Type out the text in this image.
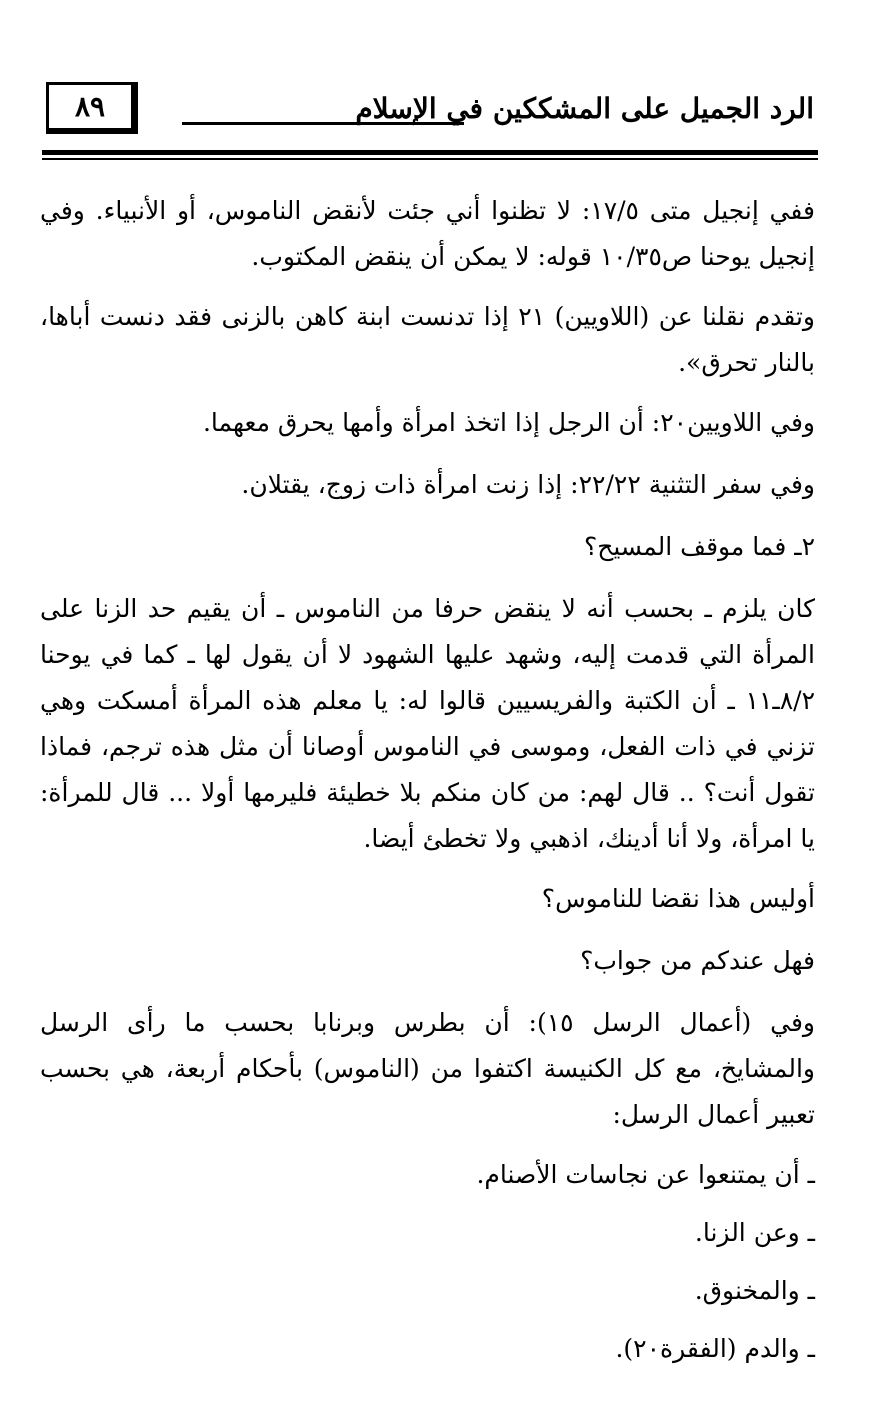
٨٩	الرد الجميل على المشككين في الإسلام

ففي إنجيل متى ١٧/٥: لا تظنوا أني جئت لأنقض الناموس، أو الأنبياء. وفي إنجيل يوحنا ص١٠/٣٥ قوله: لا يمكن أن ينقض المكتوب.

وتقدم نقلنا عن (اللاويين) ٢١ إذا تدنست ابنة كاهن بالزنى فقد دنست أباها، بالنار تحرق».

وفي اللاويين٢٠: أن الرجل إذا اتخذ امرأة وأمها يحرق معهما.

وفي سفر التثنية ٢٢/٢٢: إذا زنت امرأة ذات زوج، يقتلان.

٢ـ فما موقف المسيح؟

كان يلزم ـ بحسب أنه لا ينقض حرفا من الناموس ـ أن يقيم حد الزنا على المرأة التي قدمت إليه، وشهد عليها الشهود لا أن يقول لها ـ كما في يوحنا ٨/٢ـ١١ ـ أن الكتبة والفريسيين قالوا له: يا معلم هذه المرأة أمسكت وهي تزني في ذات الفعل، وموسى في الناموس أوصانا أن مثل هذه ترجم، فماذا تقول أنت؟ .. قال لهم: من كان منكم بلا خطيئة فليرمها أولا ... قال للمرأة: يا امرأة، ولا أنا أدينك، اذهبي ولا تخطئ أيضا.

أوليس هذا نقضا للناموس؟

فهل عندكم من جواب؟

وفي (أعمال الرسل ١٥): أن بطرس وبرنابا بحسب ما رأى الرسل والمشايخ، مع كل الكنيسة اكتفوا من (الناموس) بأحكام أربعة، هي بحسب تعبير أعمال الرسل:

ـ أن يمتنعوا عن نجاسات الأصنام.

ـ وعن الزنا.

ـ والمخنوق.

ـ والدم (الفقرة٢٠).
